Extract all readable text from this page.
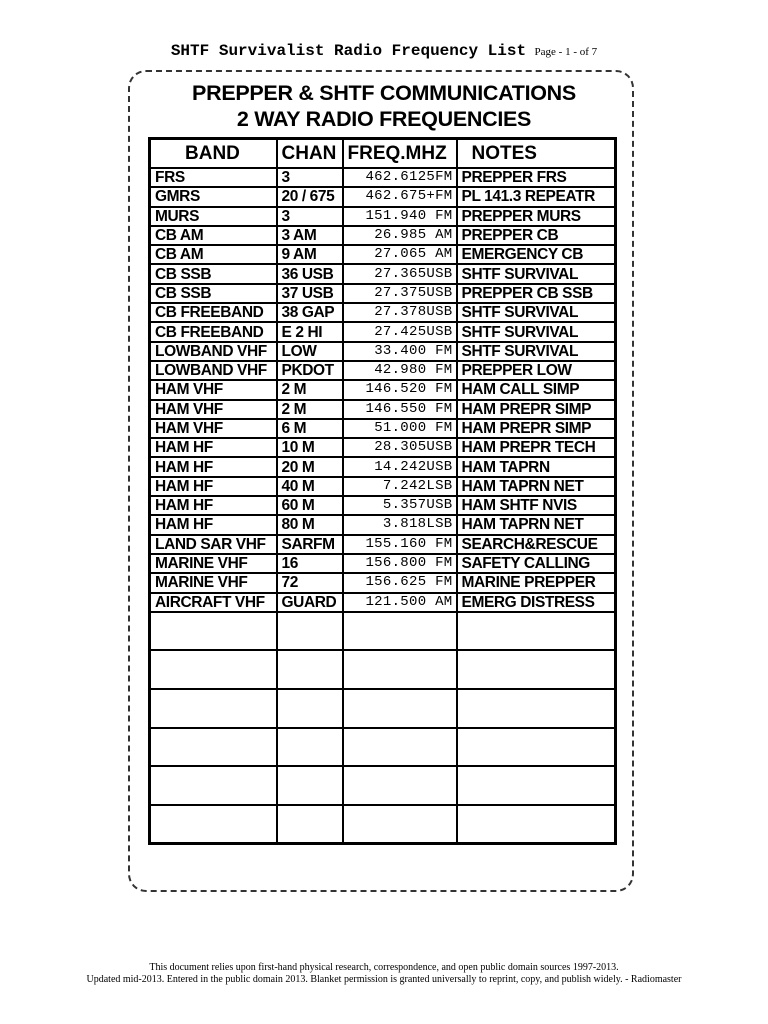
SHTF Survivalist Radio Frequency List Page - 1 - of 7
PREPPER & SHTF COMMUNICATIONS
2 WAY RADIO FREQUENCIES
BAND	CHAN	FREQ.MHZ	NOTES
FRS	3	462.6125FM	PREPPER FRS
GMRS	20 / 675	462.675+FM	PL 141.3 REPEATR
MURS	3	151.940 FM	PREPPER MURS
CB AM	3 AM	26.985 AM	PREPPER CB
CB AM	9 AM	27.065 AM	EMERGENCY CB
CB SSB	36 USB	27.365USB	SHTF SURVIVAL
CB SSB	37 USB	27.375USB	PREPPER CB SSB
CB FREEBAND	38 GAP	27.378USB	SHTF SURVIVAL
CB FREEBAND	E 2 HI	27.425USB	SHTF SURVIVAL
LOWBAND VHF	LOW	33.400 FM	SHTF SURVIVAL
LOWBAND VHF	PKDOT	42.980 FM	PREPPER LOW
HAM VHF	2 M	146.520 FM	HAM CALL SIMP
HAM VHF	2 M	146.550 FM	HAM PREPR SIMP
HAM VHF	6 M	51.000 FM	HAM PREPR SIMP
HAM HF	10 M	28.305USB	HAM PREPR TECH
HAM HF	20 M	14.242USB	HAM TAPRN
HAM HF	40 M	7.242LSB	HAM TAPRN NET
HAM HF	60 M	5.357USB	HAM SHTF NVIS
HAM HF	80 M	3.818LSB	HAM TAPRN NET
LAND SAR VHF	SARFM	155.160 FM	SEARCH&RESCUE
MARINE VHF	16	156.800 FM	SAFETY CALLING
MARINE VHF	72	156.625 FM	MARINE PREPPER
AIRCRAFT VHF	GUARD	121.500 AM	EMERG DISTRESS

This document relies upon first-hand physical research, correspondence, and open public domain sources 1997-2013.
Updated mid-2013. Entered in the public domain 2013. Blanket permission is granted universally to reprint, copy, and publish widely. - Radiomaster
